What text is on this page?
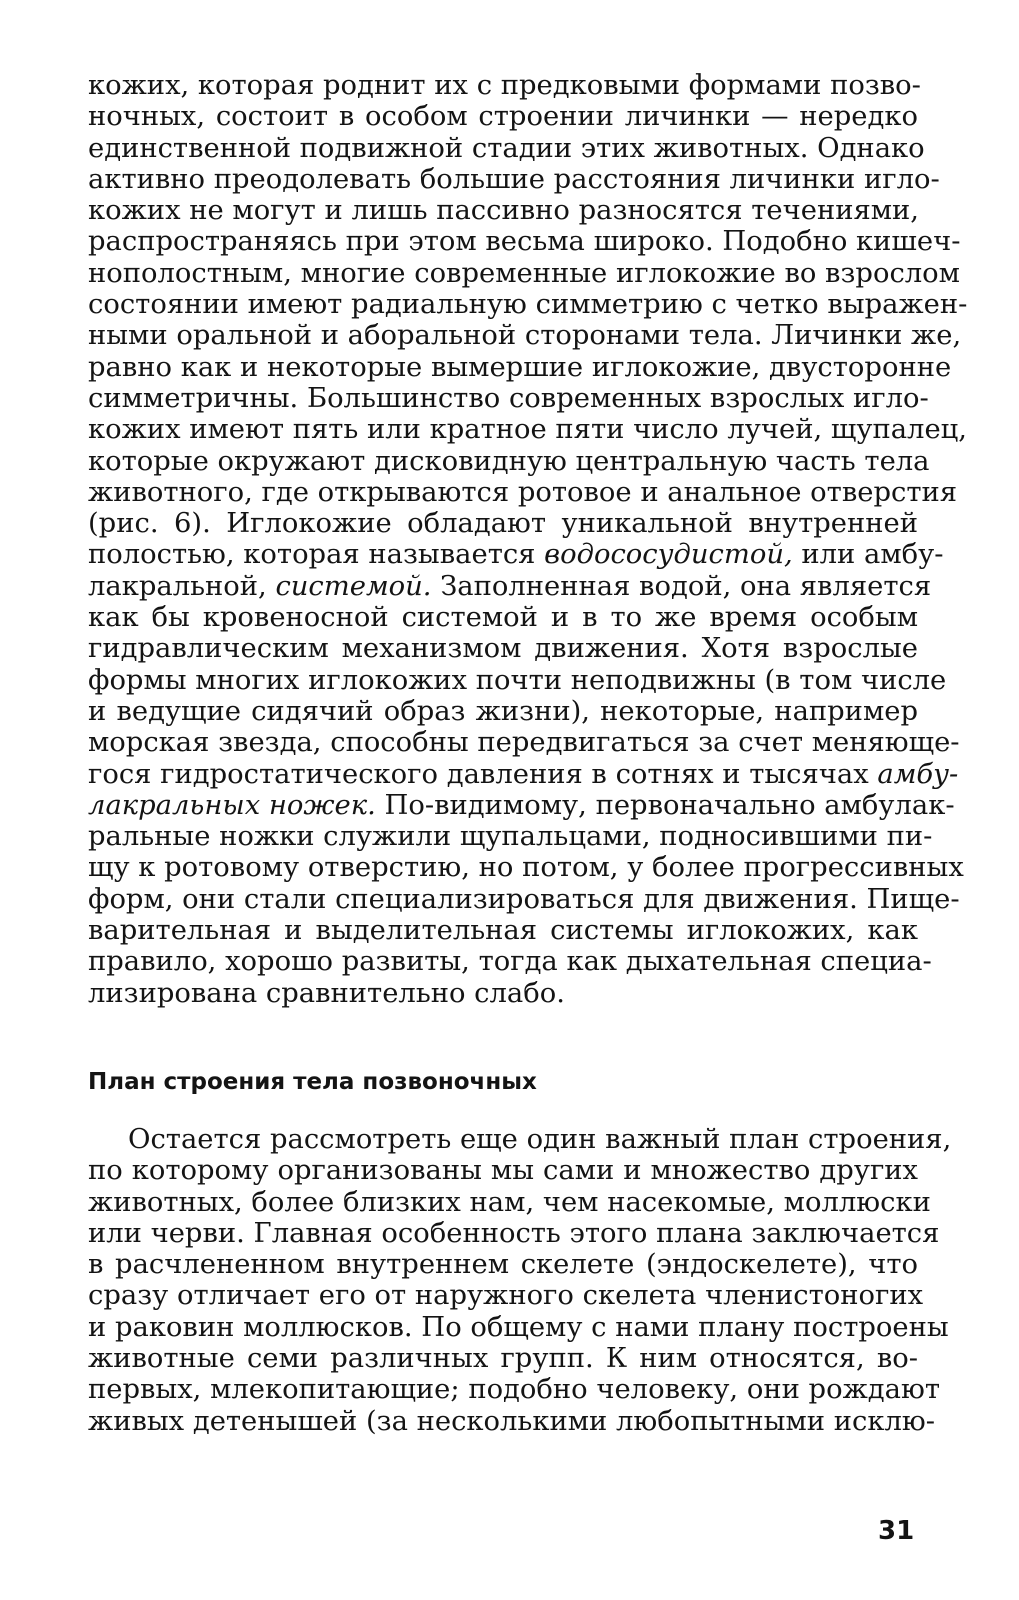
кожих, которая роднит их с предковыми формами позво-
ночных, состоит в особом строении личинки — нередко
единственной подвижной стадии этих животных. Однако
активно преодолевать большие расстояния личинки игло-
кожих не могут и лишь пассивно разносятся течениями,
распространяясь при этом весьма широко. Подобно кишеч-
нополостным, многие современные иглокожие во взрослом
состоянии имеют радиальную симметрию с четко выражен-
ными оральной и аборальной сторонами тела. Личинки же,
равно как и некоторые вымершие иглокожие, двусторонне
симметричны. Большинство современных взрослых игло-
кожих имеют пять или кратное пяти число лучей, щупалец,
которые окружают дисковидную центральную часть тела
животного, где открываются ротовое и анальное отверстия
(рис. 6). Иглокожие обладают уникальной внутренней
полостью, которая называется водососудистой, или амбу-
лакральной, системой. Заполненная водой, она является
как бы кровеносной системой и в то же время особым
гидравлическим механизмом движения. Хотя взрослые
формы многих иглокожих почти неподвижны (в том числе
и ведущие сидячий образ жизни), некоторые, например
морская звезда, способны передвигаться за счет меняюще-
гося гидростатического давления в сотнях и тысячах амбу-
лакральных ножек. По-видимому, первоначально амбулак-
ральные ножки служили щупальцами, подносившими пи-
щу к ротовому отверстию, но потом, у более прогрессивных
форм, они стали специализироваться для движения. Пище-
варительная и выделительная системы иглокожих, как
правило, хорошо развиты, тогда как дыхательная специа-
лизирована сравнительно слабо.
План строения тела позвоночных
Остается рассмотреть еще один важный план строения,
по которому организованы мы сами и множество других
животных, более близких нам, чем насекомые, моллюски
или черви. Главная особенность этого плана заключается
в расчлененном внутреннем скелете (эндоскелете), что
сразу отличает его от наружного скелета членистоногих
и раковин моллюсков. По общему с нами плану построены
животные семи различных групп. К ним относятся, во-
первых, млекопитающие; подобно человеку, они рождают
живых детенышей (за несколькими любопытными исклю-
31
